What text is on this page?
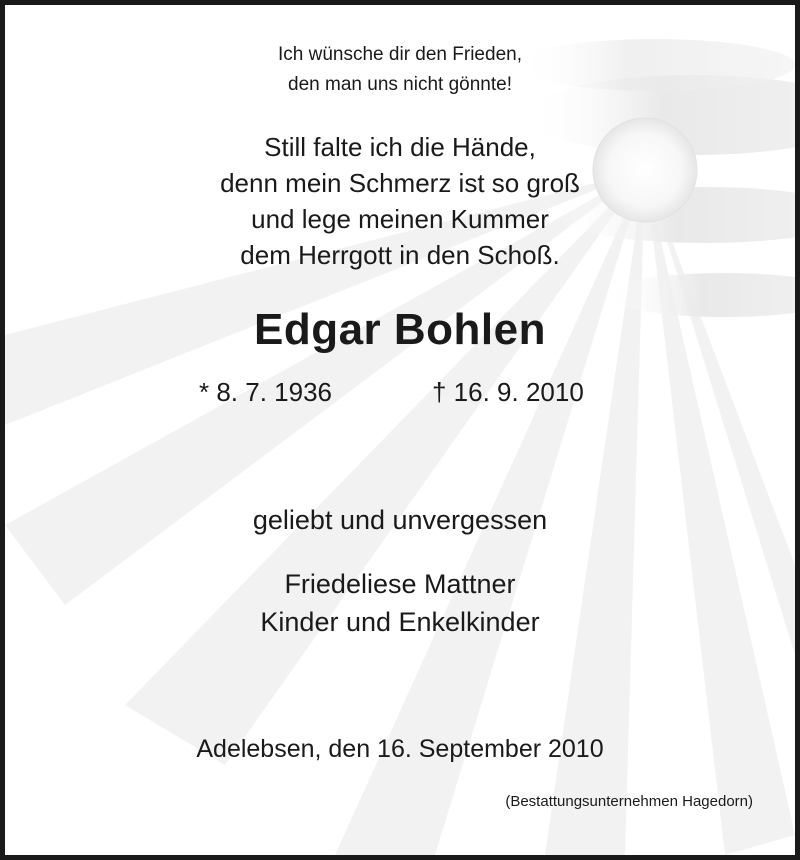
Ich wünsche dir den Frieden,
den man uns nicht gönnte!
Still falte ich die Hände,
denn mein Schmerz ist so groß
und lege meinen Kummer
dem Herrgott in den Schoß.
Edgar Bohlen
* 8. 7. 1936	† 16. 9. 2010
geliebt und unvergessen
Friedeliese Mattner
Kinder und Enkelkinder
Adelebsen, den 16. September 2010
(Bestattungsunternehmen Hagedorn)
